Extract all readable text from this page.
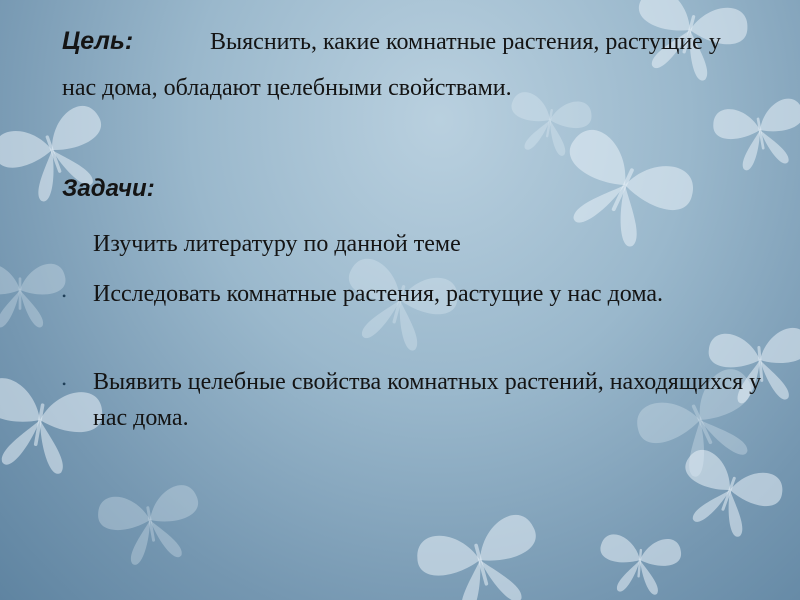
Цель:	Выяснить, какие комнатные растения, растущие у нас дома, обладают целебными свойствами.

Задачи:

Изучить литературу по данной теме

• Исследовать комнатные растения, растущие у нас дома.

• Выявить целебные свойства комнатных растений, находящихся у нас дома.
